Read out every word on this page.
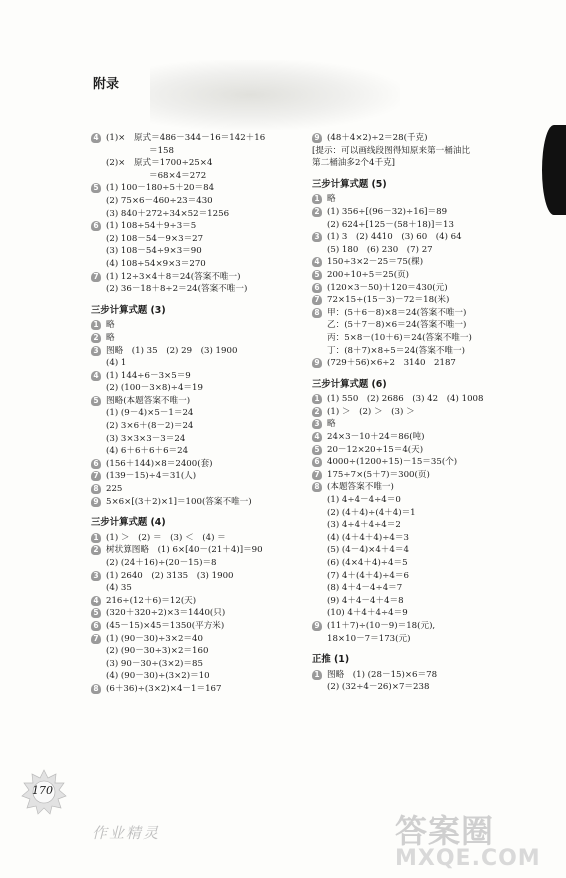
附录
4 (1)×　原式＝486－344－16＝142＋16
　　　　　＝158
(2)×　原式＝1700÷25×4
　　　　　＝68×4＝272
5 (1) 100－180÷5＋20＝84
(2) 75×6－460÷23＝430
(3) 840＋272÷34×52＝1256
6 (1) 108÷54＋9÷3＝5
(2) 108－54－9×3＝27
(3) 108－54÷9×3＝90
(4) 108÷54×9×3＝270
7 (1) 12÷3×4＋8＝24(答案不唯一)
(2) 36－18＋8÷2＝24(答案不唯一)
三步计算式题 (3)
1 略
2 略
3 图略　(1) 35　(2) 29　(3) 1900
(4) 1
4 (1) 144÷6－3×5＝9
(2) (100－3×8)÷4＝19
5 图略(本题答案不唯一)
(1) (9－4)×5－1＝24
(2) 3×6＋(8－2)＝24
(3) 3×3×3－3＝24
(4) 6＋6＋6＋6＝24
6 (156＋144)×8＝2400(套)
7 (139－15)÷4＝31(人)
8 225
9 5×6×[(3＋2)×1]＝100(答案不唯一)
三步计算式题 (4)
1 (1) ＞　(2) ＝　(3) ＜　(4) ＝
2 树状算图略　(1) 6×[40－(21＋4)]＝90
(2) (24＋16)÷(20－15)＝8
3 (1) 2640　(2) 3135　(3) 1900
(4) 35
4 216÷(12＋6)＝12(天)
5 (320＋320÷2)×3＝1440(只)
6 (45－15)×45＝1350(平方米)
7 (1) (90－30)÷3×2＝40
(2) (90－30÷3)×2＝160
(3) 90－30÷(3×2)＝85
(4) (90－30)÷(3×2)＝10
8 (6＋36)÷(3×2)×4－1＝167
9 (48＋4×2)÷2＝28(千克)
[提示：可以画线段图得知原来第一桶油比
第二桶油多2个4千克]
三步计算式题 (5)
1 略
2 (1) 356÷[(96－32)÷16]＝89
(2) 624÷[125－(58＋18)]＝13
3 (1) 3　(2) 4410　(3) 60　(4) 64
(5) 180　(6) 230　(7) 27
4 150÷3×2－25＝75(棵)
5 200÷10÷5＝25(页)
6 (120×3－50)＋120＝430(元)
7 72×15÷(15－3)－72＝18(米)
8 甲：(5＋6－8)×8＝24(答案不唯一)
乙：(5＋7－8)×6＝24(答案不唯一)
丙：5×8－(10＋6)＝24(答案不唯一)
丁：(8＋7)×8÷5＝24(答案不唯一)
9 (729＋56)×6÷2　3140　2187
三步计算式题 (6)
1 (1) 550　(2) 2686　(3) 42　(4) 1008
2 (1) ＞　(2) ＞　(3) ＞
3 略
4 24×3－10＋24＝86(吨)
5 20－12×20÷15＝4(天)
6 4000÷(1200÷15)－15＝35(个)
7 175÷7×(5＋7)＝300(页)
8 (本题答案不唯一)
(1) 4÷4－4÷4＝0
(2) (4＋4)÷(4＋4)＝1
(3) 4÷4＋4÷4＝2
(4) (4＋4＋4)÷4＝3
(5) (4－4)×4＋4＝4
(6) (4×4＋4)÷4＝5
(7) 4＋(4＋4)÷4＝6
(8) 4＋4－4÷4＝7
(9) 4＋4－4＋4＝8
(10) 4＋4＋4÷4＝9
9 (11＋7)÷(10－9)＝18(元),
18×10－7＝173(元)
正推 (1)
1 图略　(1) (28－15)×6＝78
(2) (32÷4－26)×7＝238
170
作业精灵	答案圈
MXQE.COM
